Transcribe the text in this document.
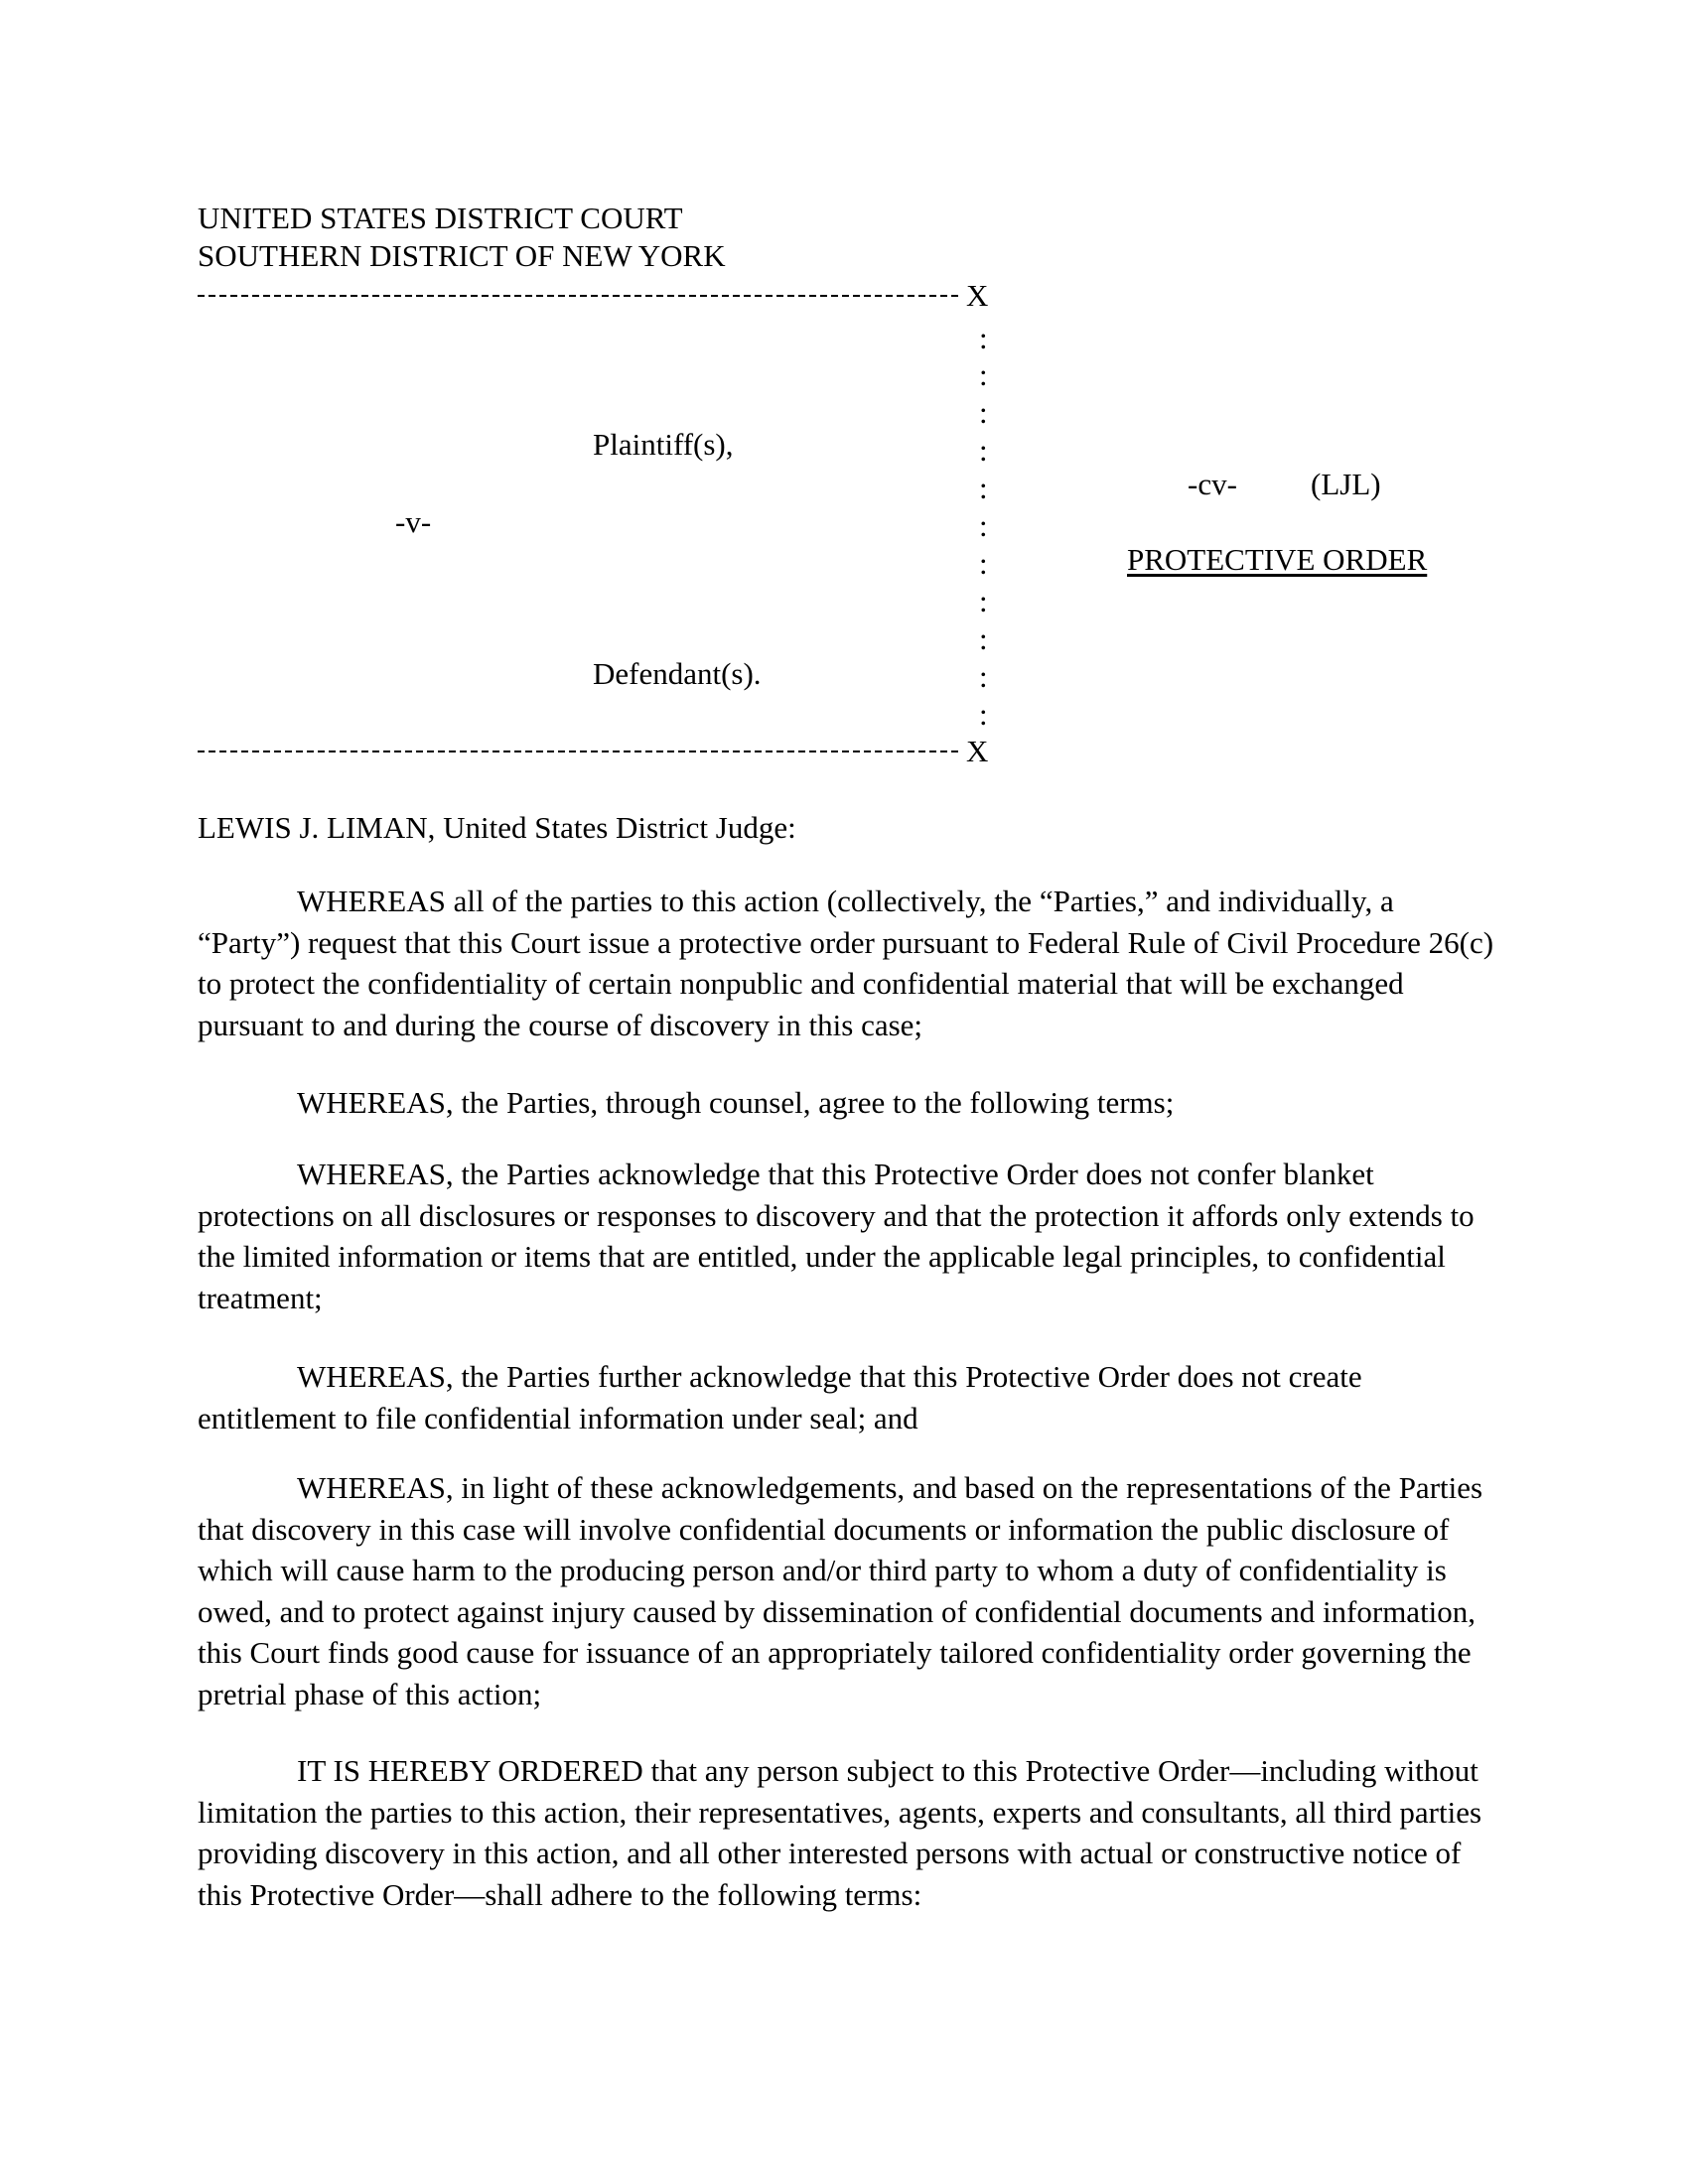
UNITED STATES DISTRICT COURT
SOUTHERN DISTRICT OF NEW YORK
X
:
:
:
:
:
:
:
:
:
:
:
Plaintiff(s),
-v-
Defendant(s).
X
-cv- (LJL)
PROTECTIVE ORDER
LEWIS J. LIMAN, United States District Judge:

WHEREAS all of the parties to this action (collectively, the “Parties,” and individually, a “Party”) request that this Court issue a protective order pursuant to Federal Rule of Civil Procedure 26(c) to protect the confidentiality of certain nonpublic and confidential material that will be exchanged pursuant to and during the course of discovery in this case;

WHEREAS, the Parties, through counsel, agree to the following terms;

WHEREAS, the Parties acknowledge that this Protective Order does not confer blanket protections on all disclosures or responses to discovery and that the protection it affords only extends to the limited information or items that are entitled, under the applicable legal principles, to confidential treatment;

WHEREAS, the Parties further acknowledge that this Protective Order does not create entitlement to file confidential information under seal; and

WHEREAS, in light of these acknowledgements, and based on the representations of the Parties that discovery in this case will involve confidential documents or information the public disclosure of which will cause harm to the producing person and/or third party to whom a duty of confidentiality is owed, and to protect against injury caused by dissemination of confidential documents and information, this Court finds good cause for issuance of an appropriately tailored confidentiality order governing the pretrial phase of this action;

IT IS HEREBY ORDERED that any person subject to this Protective Order—including without limitation the parties to this action, their representatives, agents, experts and consultants, all third parties providing discovery in this action, and all other interested persons with actual or constructive notice of this Protective Order—shall adhere to the following terms:
